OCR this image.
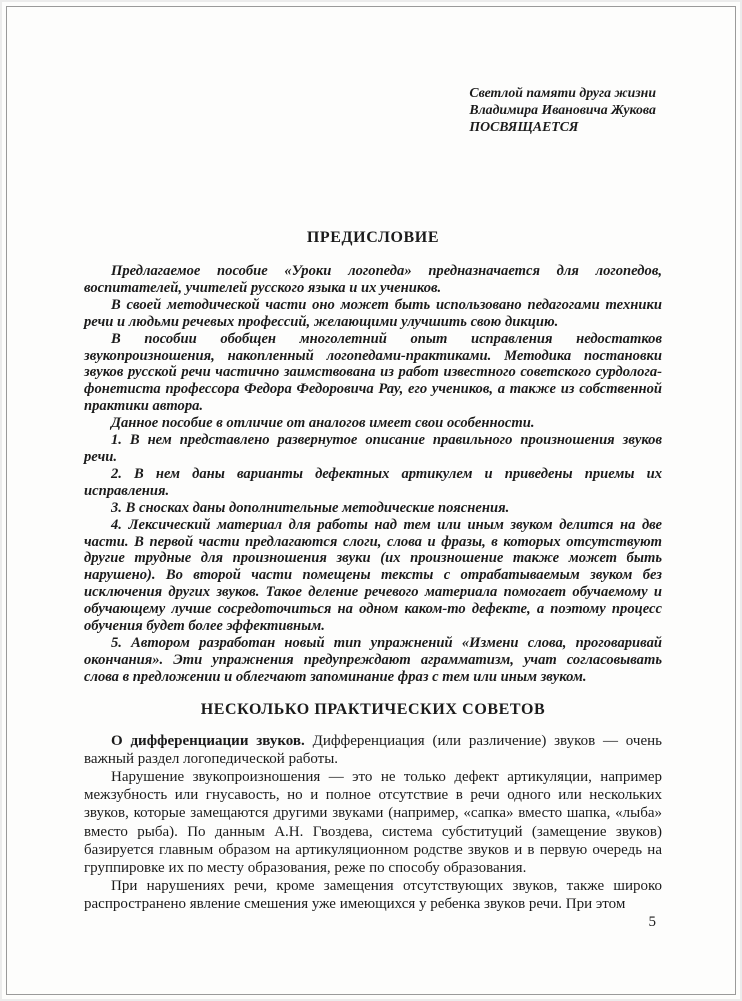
Светлой памяти друга жизни
Владимира Ивановича Жукова
ПОСВЯЩАЕТСЯ
ПРЕДИСЛОВИЕ

Предлагаемое пособие «Уроки логопеда» предназначается для логопедов, воспитателей, учителей русского языка и их учеников.

В своей методической части оно может быть использовано педагогами техники речи и людьми речевых профессий, желающими улучшить свою дикцию.

В пособии обобщен многолетний опыт исправления недостатков звукопроизношения, накопленный логопедами-практиками. Методика постановки звуков русской речи частично заимствована из работ известного советского сурдолога-фонетиста профессора Федора Федоровича Рау, его учеников, а также из собственной практики автора.

Данное пособие в отличие от аналогов имеет свои особенности.

1. В нем представлено развернутое описание правильного произношения звуков речи.

2. В нем даны варианты дефектных артикулем и приведены приемы их исправления.

3. В сносках даны дополнительные методические пояснения.

4. Лексический материал для работы над тем или иным звуком делится на две части. В первой части предлагаются слоги, слова и фразы, в которых отсутствуют другие трудные для произношения звуки (их произношение также может быть нарушено). Во второй части помещены тексты с отрабатываемым звуком без исключения других звуков. Такое деление речевого материала помогает обучаемому и обучающему лучше сосредоточиться на одном каком-то дефекте, а поэтому процесс обучения будет более эффективным.

5. Автором разработан новый тип упражнений «Измени слова, проговаривай окончания». Эти упражнения предупреждают аграмматизм, учат согласовывать слова в предложении и облегчают запоминание фраз с тем или иным звуком.

НЕСКОЛЬКО ПРАКТИЧЕСКИХ СОВЕТОВ

О дифференциации звуков. Дифференциация (или различение) звуков — очень важный раздел логопедической работы.

Нарушение звукопроизношения — это не только дефект артикуляции, например межзубность или гнусавость, но и полное отсутствие в речи одного или нескольких звуков, которые замещаются другими звуками (например, «сапка» вместо шапка, «лыба» вместо рыба). По данным А.Н. Гвоздева, система субституций (замещение звуков) базируется главным образом на артикуляционном родстве звуков и в первую очередь на группировке их по месту образования, реже по способу образования.

При нарушениях речи, кроме замещения отсутствующих звуков, также широко распространено явление смешения уже имеющихся у ребенка звуков речи. При этом

5
